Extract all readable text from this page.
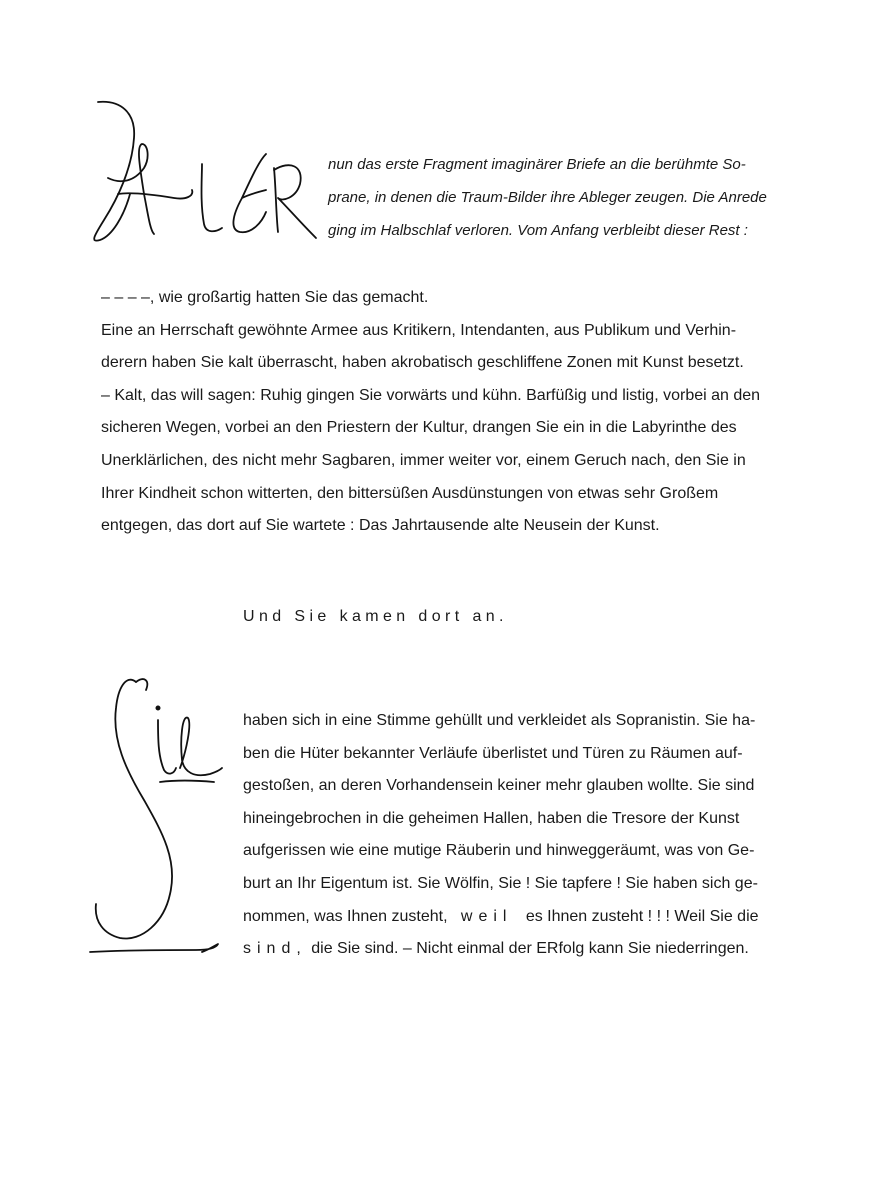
nun das erste Fragment imaginärer Briefe an die berühmte So-
prane, in denen die Traum-Bilder ihre Ableger zeugen. Die Anrede
ging im Halbschlaf verloren. Vom Anfang verbleibt dieser Rest :
– – – –, wie großartig hatten Sie das gemacht.
Eine an Herrschaft gewöhnte Armee aus Kritikern, Intendanten, aus Publikum und Verhin-
derern haben Sie kalt überrascht, haben akrobatisch geschliffene Zonen mit Kunst besetzt.
– Kalt, das will sagen: Ruhig gingen Sie vorwärts und kühn. Barfüßig und listig, vorbei an den
sicheren Wegen, vorbei an den Priestern der Kultur, drangen Sie ein in die Labyrinthe des
Unerklärlichen, des nicht mehr Sagbaren, immer weiter vor, einem Geruch nach, den Sie in
Ihrer Kindheit schon witterten, den bittersüßen Ausdünstungen von etwas sehr Großem
entgegen, das dort auf Sie wartete : Das Jahrtausende alte Neusein der Kunst.
Und Sie kamen dort an.
haben sich in eine Stimme gehüllt und verkleidet als Sopranistin. Sie ha-
ben die Hüter bekannter Verläufe überlistet und Türen zu Räumen auf-
gestoßen, an deren Vorhandensein keiner mehr glauben wollte. Sie sind
hineingebrochen in die geheimen Hallen, haben die Tresore der Kunst
aufgerissen wie eine mutige Räuberin und hinweggeräumt, was von Ge-
burt an Ihr Eigentum ist. Sie Wölfin, Sie ! Sie tapfere ! Sie haben sich ge-
nommen, was Ihnen zusteht, weil es Ihnen zusteht ! ! ! Weil Sie die
sind, die Sie sind. – Nicht einmal der ERfolg kann Sie niederringen.
